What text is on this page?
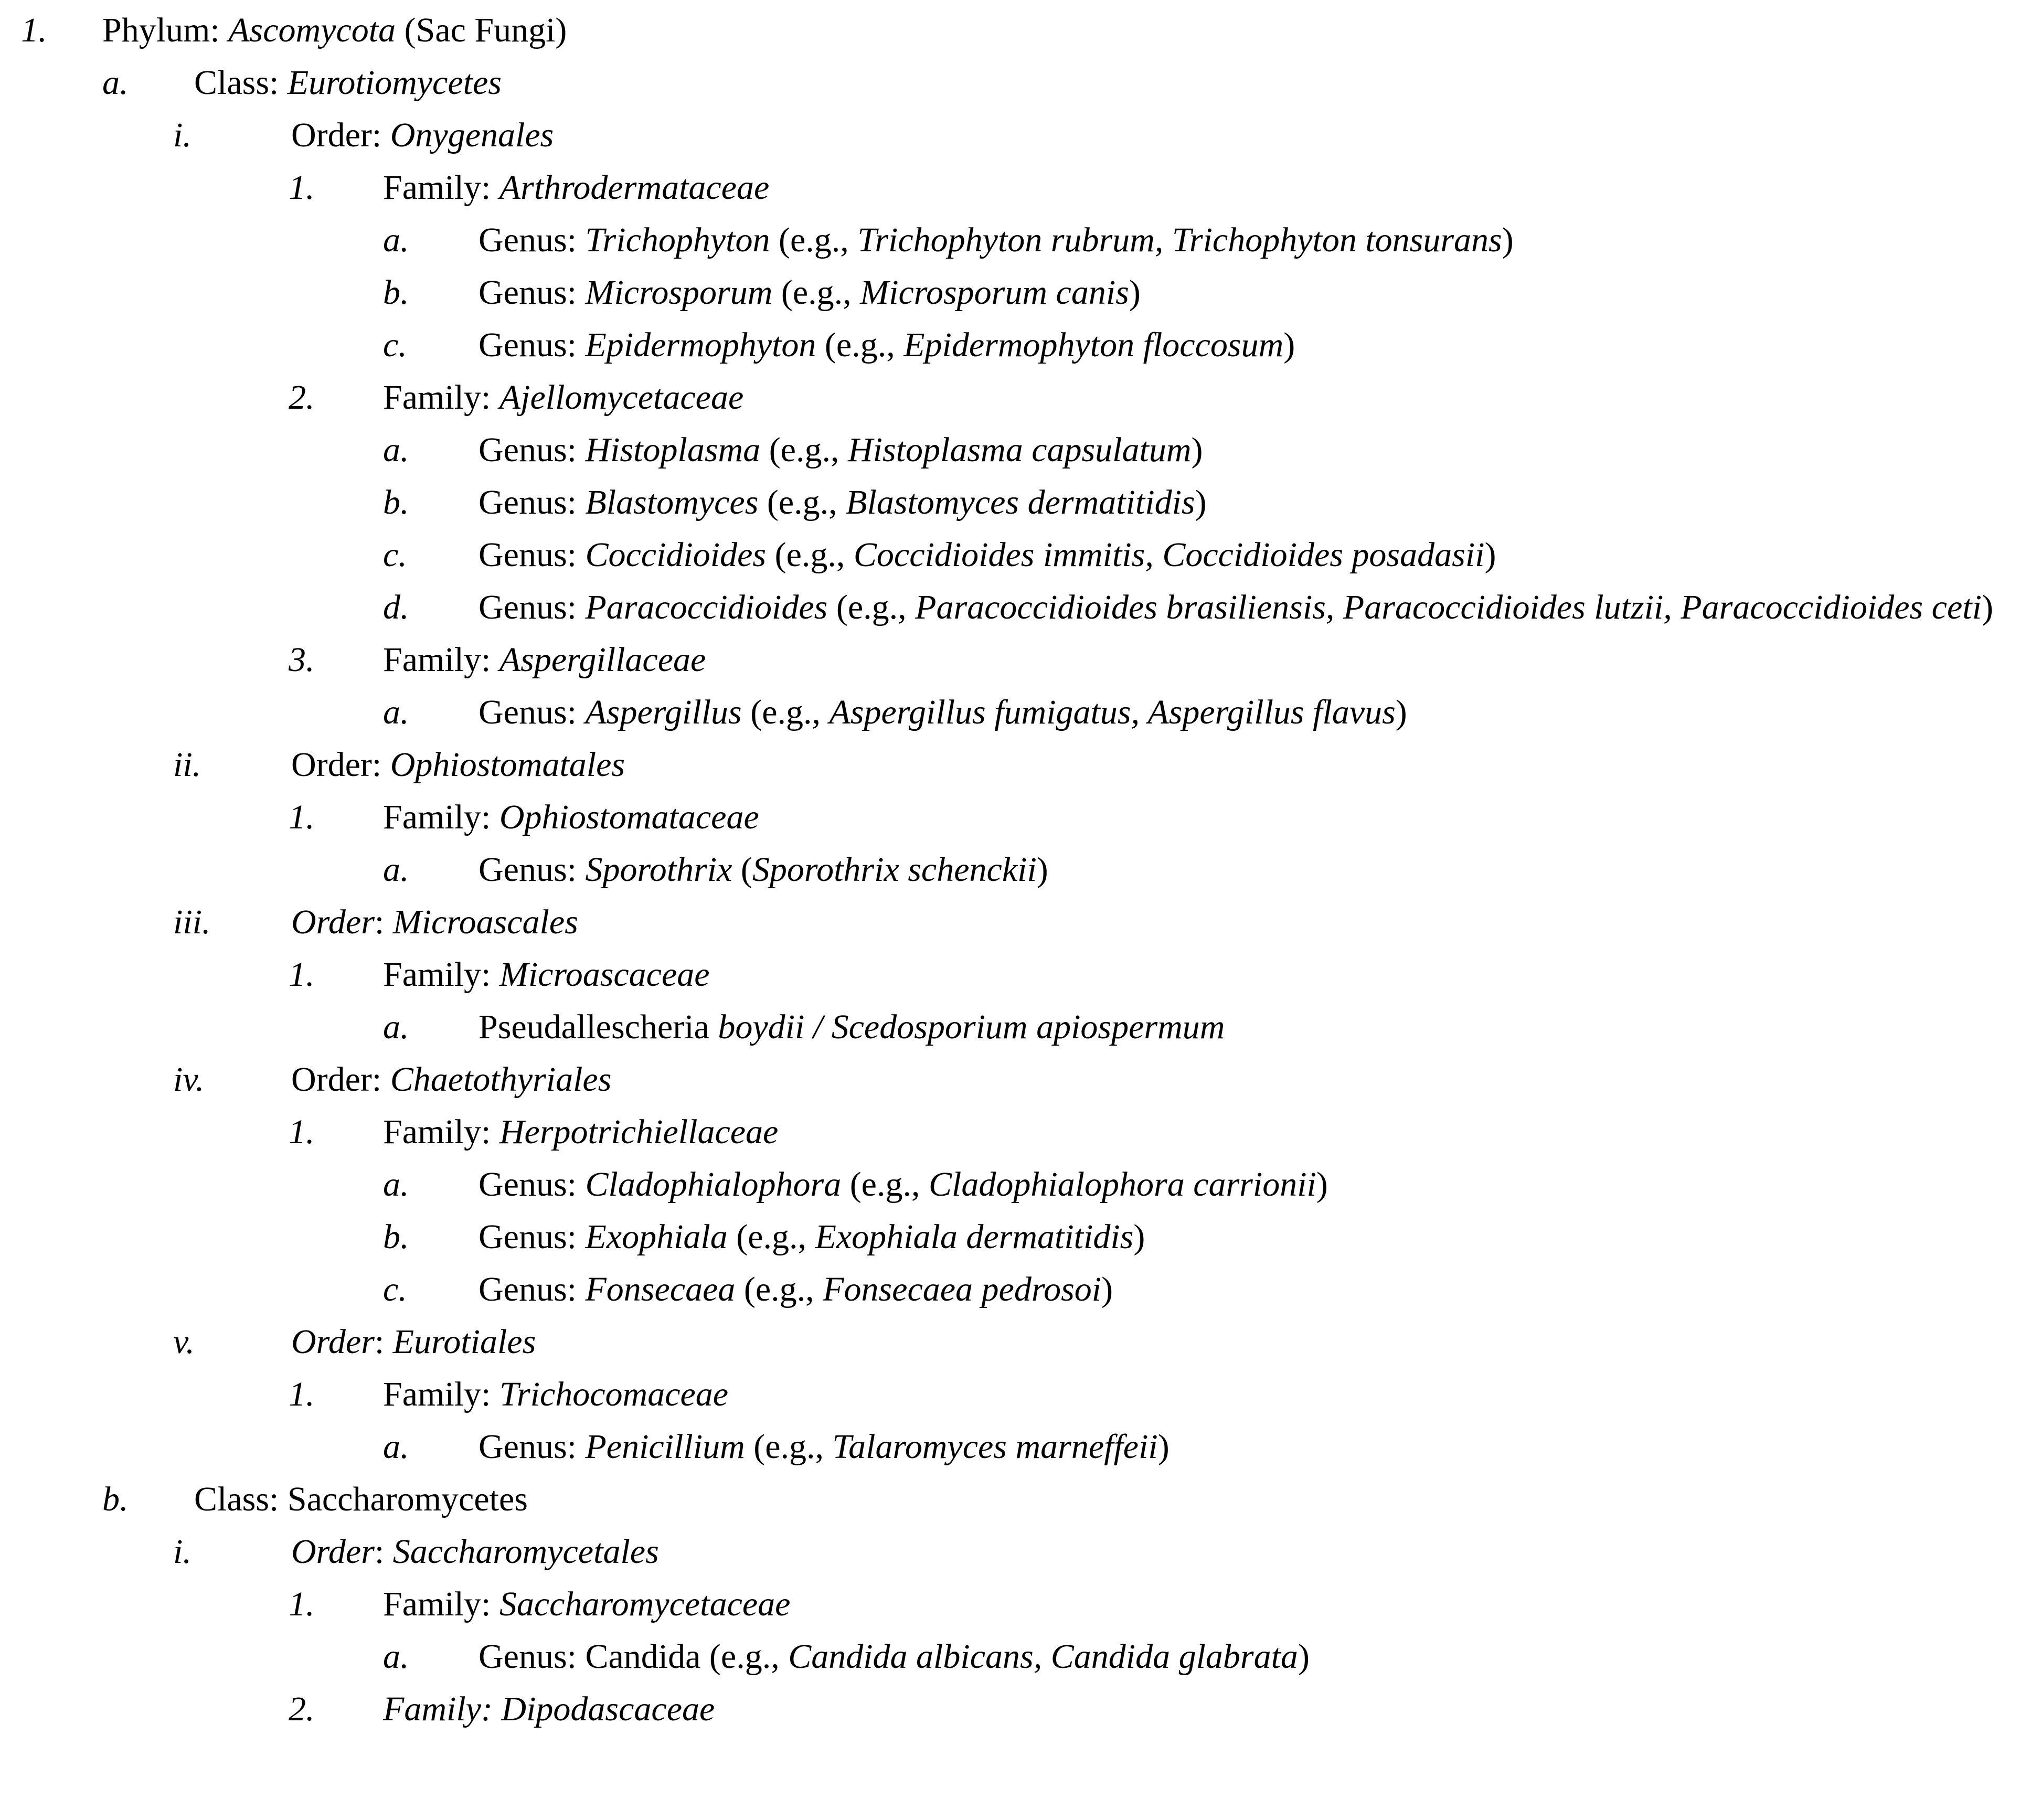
1. Phylum: Ascomycota (Sac Fungi)
a. Class: Eurotiomycetes
i.	Order: Onygenales
1. Family: Arthrodermataceae
a. Genus: Trichophyton (e.g., Trichophyton rubrum, Trichophyton tonsurans)
b. Genus: Microsporum (e.g., Microsporum canis)
c. Genus: Epidermophyton (e.g., Epidermophyton floccosum)
2. Family: Ajellomycetaceae
a. Genus: Histoplasma (e.g., Histoplasma capsulatum)
b. Genus: Blastomyces (e.g., Blastomyces dermatitidis)
c. Genus: Coccidioides (e.g., Coccidioides immitis, Coccidioides posadasii)
d. Genus: Paracoccidioides (e.g., Paracoccidioides brasiliensis, Paracoccidioides lutzii, Paracoccidioides ceti)
3. Family: Aspergillaceae
a. Genus: Aspergillus (e.g., Aspergillus fumigatus, Aspergillus flavus)
ii.	Order: Ophiostomatales
1. Family: Ophiostomataceae
a. Genus: Sporothrix (Sporothrix schenckii)
iii. Order: Microascales
1. Family: Microascaceae
a. Pseudallescheria boydii / Scedosporium apiospermum
iv.	Order: Chaetothyriales
1. Family: Herpotrichiellaceae
a. Genus: Cladophialophora (e.g., Cladophialophora carrionii)
b. Genus: Exophiala (e.g., Exophiala dermatitidis)
c. Genus: Fonsecaea (e.g., Fonsecaea pedrosoi)
v.	Order: Eurotiales
1. Family: Trichocomaceae
a. Genus: Penicillium (e.g., Talaromyces marneffeii)
b. Class: Saccharomycetes
i.	Order: Saccharomycetales
1. Family: Saccharomycetaceae
a. Genus: Candida (e.g., Candida albicans, Candida glabrata)
2. Family: Dipodascaceae
